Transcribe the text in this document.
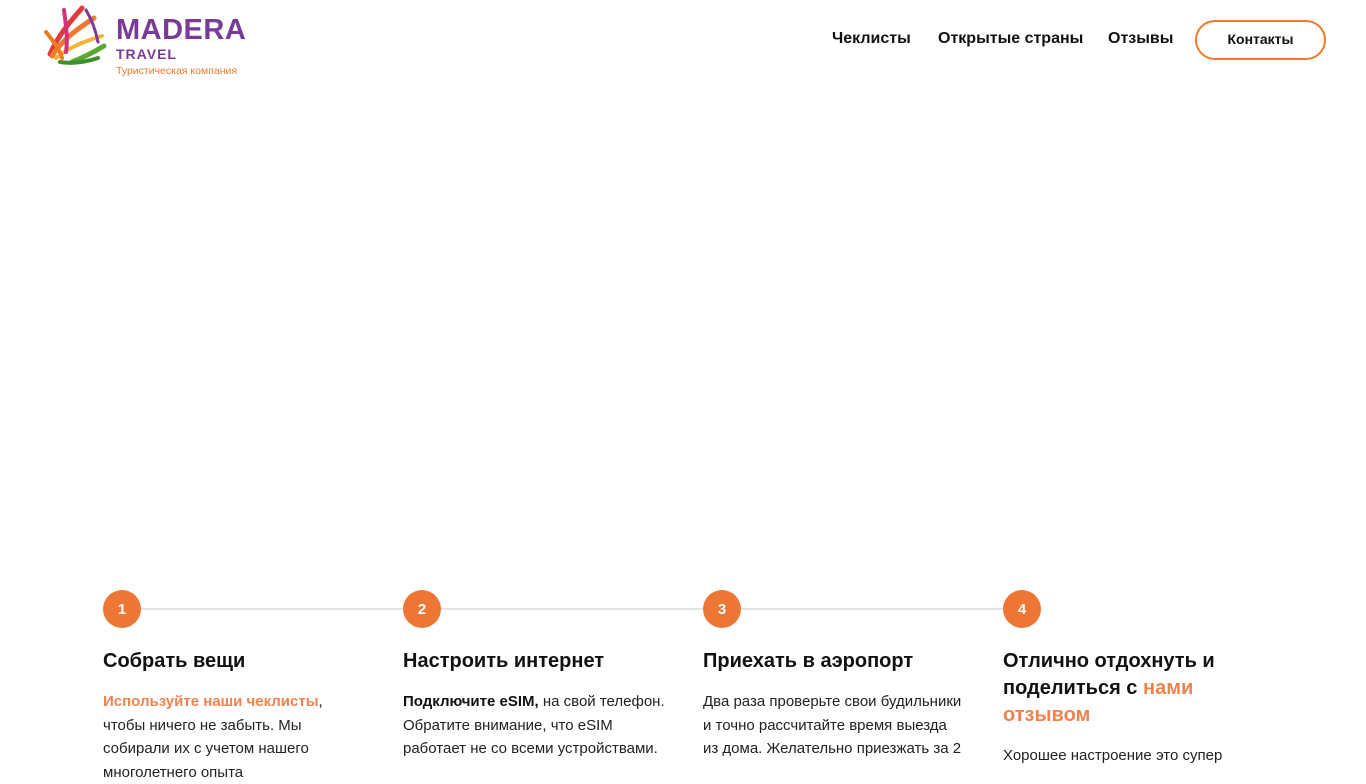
MADERA
TRAVEL
Туристическая компания
Чеклисты Открытые страны Отзывы	Контакты
1	2	3	4
Собрать вещи
Используйте наши чеклисты, чтобы ничего не забыть. Мы собирали их с учетом нашего многолетнего опыта
Настроить интернет
Подключите eSIM, на свой телефон. Обратите внимание, что eSIM работает не со всеми устройствами.
Приехать в аэропорт
Два раза проверьте свои будильники и точно рассчитайте время выезда из дома. Желательно приезжать за 2
Отлично отдохнуть и поделиться с нами отзывом
Хорошее настроение это супер
